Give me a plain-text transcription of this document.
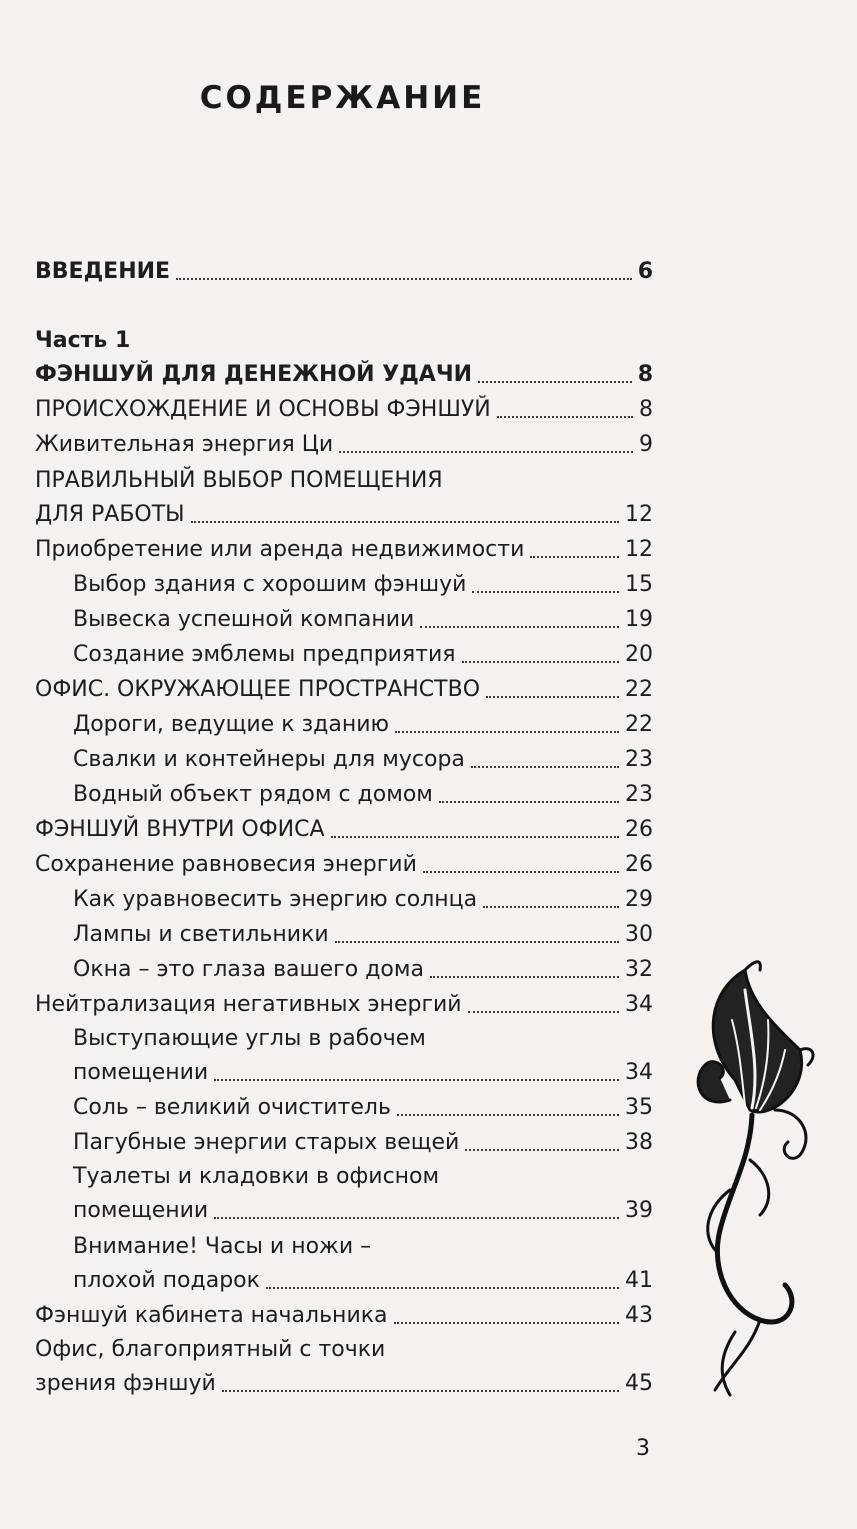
СОДЕРЖАНИЕ
ВВЕДЕНИЕ	6
Часть 1
ФЭНШУЙ ДЛЯ ДЕНЕЖНОЙ УДАЧИ	8
ПРОИСХОЖДЕНИЕ И ОСНОВЫ ФЭНШУЙ	8
Живительная энергия Ци	9
ПРАВИЛЬНЫЙ ВЫБОР ПОМЕЩЕНИЯ
ДЛЯ РАБОТЫ	12
Приобретение или аренда недвижимости	12
Выбор здания с хорошим фэншуй	15
Вывеска успешной компании	19
Создание эмблемы предприятия	20
ОФИС. ОКРУЖАЮЩЕЕ ПРОСТРАНСТВО	22
Дороги, ведущие к зданию	22
Свалки и контейнеры для мусора	23
Водный объект рядом с домом	23
ФЭНШУЙ ВНУТРИ ОФИСА	26
Сохранение равновесия энергий	26
Как уравновесить энергию солнца	29
Лампы и светильники	30
Окна – это глаза вашего дома	32
Нейтрализация негативных энергий	34
Выступающие углы в рабочем
помещении	34
Соль – великий очиститель	35
Пагубные энергии старых вещей	38
Туалеты и кладовки в офисном
помещении	39
Внимание! Часы и ножи –
плохой подарок	41
Фэншуй кабинета начальника	43
Офис, благоприятный с точки
зрения фэншуй	45
3
